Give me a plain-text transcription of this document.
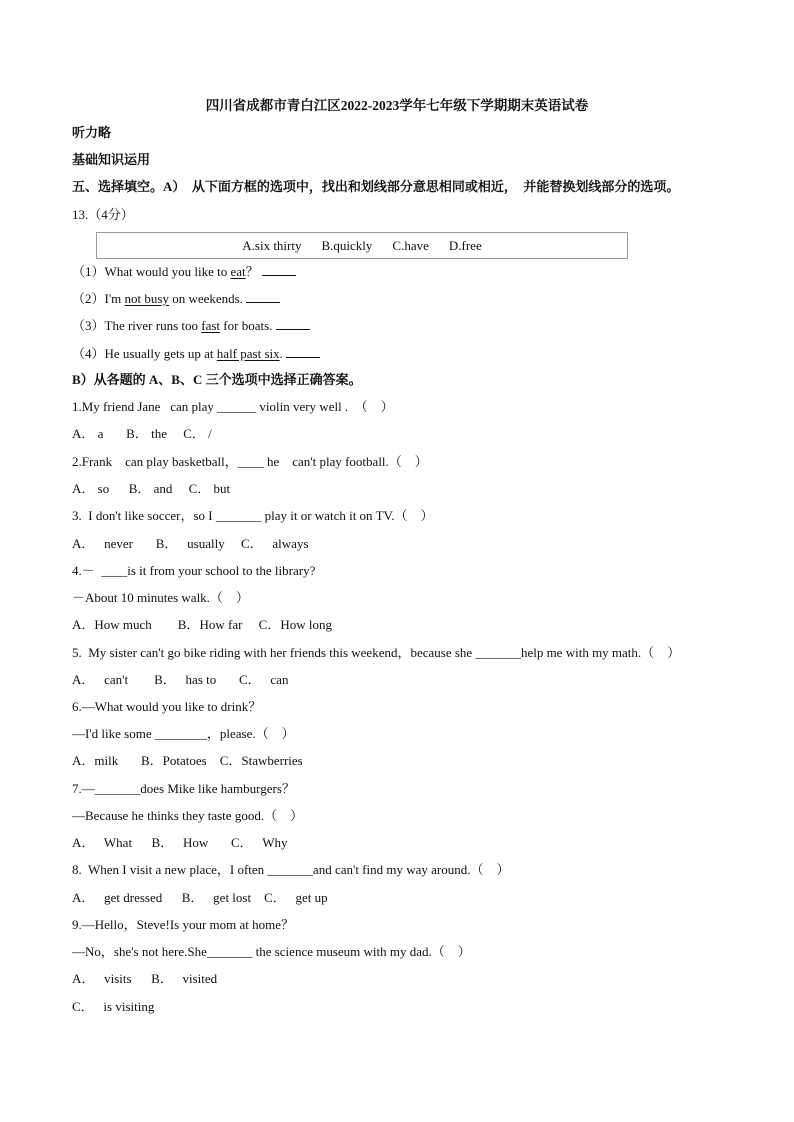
四川省成都市青白江区2022-2023学年七年级下学期期末英语试卷
听力略
基础知识运用
五、选择填空。A）  从下面方框的选项中，找出和划线部分意思相同或相近，  并能替换划线部分的选项。
13.（4分）
A.six thirty B.quickly C.have D.free
（1）What would you like to eat？
（2）I'm not busy on weekends.
（3）The river runs too fast for boats.
（4）He usually gets up at half past six.
B）从各题的 A、B、C 三个选项中选择正确答案。
1.My friend Jane   can play ______ violin very well .  （    ）
A． a       B． the     C． /
2.Frank    can play basketball，____ he    can't play football.（    ）
A． so      B． and     C． but
3.  I don't like soccer，so I _______ play it or watch it on TV.（    ）
A．   never       B．   usually     C．   always
4.－  ____is it from your school to the library?
－About 10 minutes walk.（    ）
A．How much        B．How far     C．How long
5.  My sister can't go bike riding with her friends this weekend，because she _______help me with my math.（    ）
A．   can't        B．   has to       C．   can
6.—What would you like to drink？
—I'd like some ________，please.（    ）
A．milk       B．Potatoes    C．Stawberries
7.—_______does Mike like hamburgers？
—Because he thinks they taste good.（    ）
A．   What      B．   How       C．   Why
8.  When I visit a new place，I often _______and can't find my way around.（    ）
A．   get dressed      B．   get lost    C．   get up
9.—Hello，Steve!Is your mom at home？
—No，she's not here.She_______ the science museum with my dad.（    ）
A．   visits      B．   visited
C．   is visiting
